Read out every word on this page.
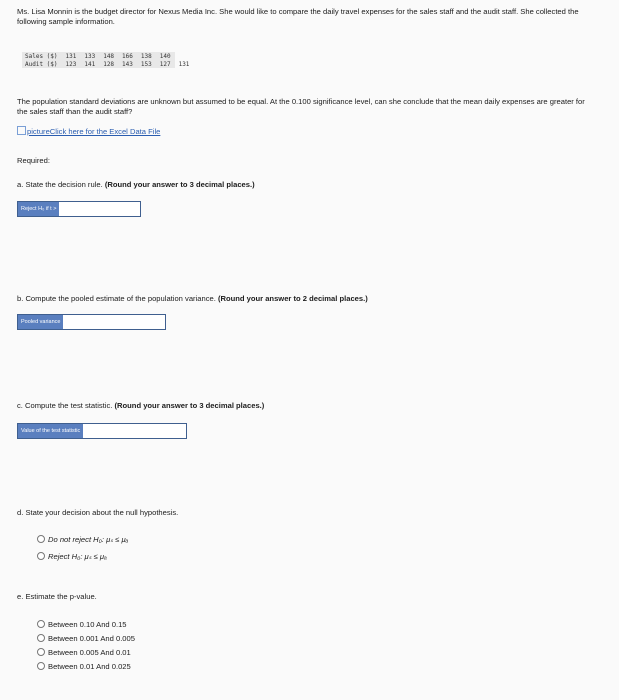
Ms. Lisa Monnin is the budget director for Nexus Media Inc. She would like to compare the daily travel expenses for the sales staff and the audit staff. She collected the following sample information.
Sales ($)	131	133	148	166	138	140	
Audit ($)	123	141	128	143	153	127	131
The population standard deviations are unknown but assumed to be equal. At the 0.100 significance level, can she conclude that the mean daily expenses are greater for the sales staff than the audit staff?
pictureClick here for the Excel Data File
Required:
a. State the decision rule. (Round your answer to 3 decimal places.)
Reject H₀ if t >
b. Compute the pooled estimate of the population variance. (Round your answer to 2 decimal places.)
Pooled variance
c. Compute the test statistic. (Round your answer to 3 decimal places.)
Value of the test statistic
d. State your decision about the null hypothesis.
Do not reject H₀: μₛ ≤ μₐ
Reject H₀: μₛ ≤ μₐ
e. Estimate the p-value.
Between 0.10 And 0.15
Between 0.001 And 0.005
Between 0.005 And 0.01
Between 0.01 And 0.025
